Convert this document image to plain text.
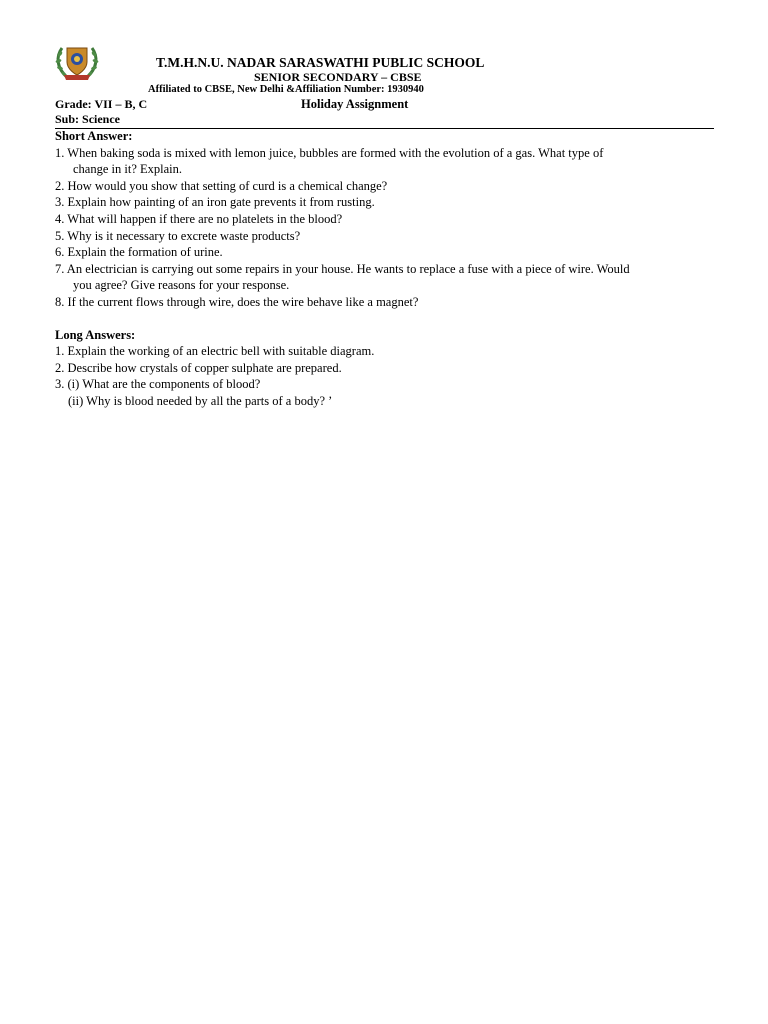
T.M.H.N.U. NADAR SARASWATHI PUBLIC SCHOOL
SENIOR SECONDARY – CBSE
Affiliated to CBSE, New Delhi &Affiliation Number: 1930940
Grade: VII – B, C	Holiday Assignment
Sub: Science
Short Answer:
1. When baking soda is mixed with lemon juice, bubbles are formed with the evolution of a gas. What type of
change in it? Explain.
2. How would you show that setting of curd is a chemical change?
3. Explain how painting of an iron gate prevents it from rusting.
4. What will happen if there are no platelets in the blood?
5. Why is it necessary to excrete waste products?
6. Explain the formation of urine.
7. An electrician is carrying out some repairs in your house. He wants to replace a fuse with a piece of wire. Would
you agree? Give reasons for your response.
8. If the current flows through wire, does the wire behave like a magnet?
Long Answers:
1. Explain the working of an electric bell with suitable diagram.
2. Describe how crystals of copper sulphate are prepared.
3. (i) What are the components of blood?
(ii) Why is blood needed by all the parts of a body? ’
